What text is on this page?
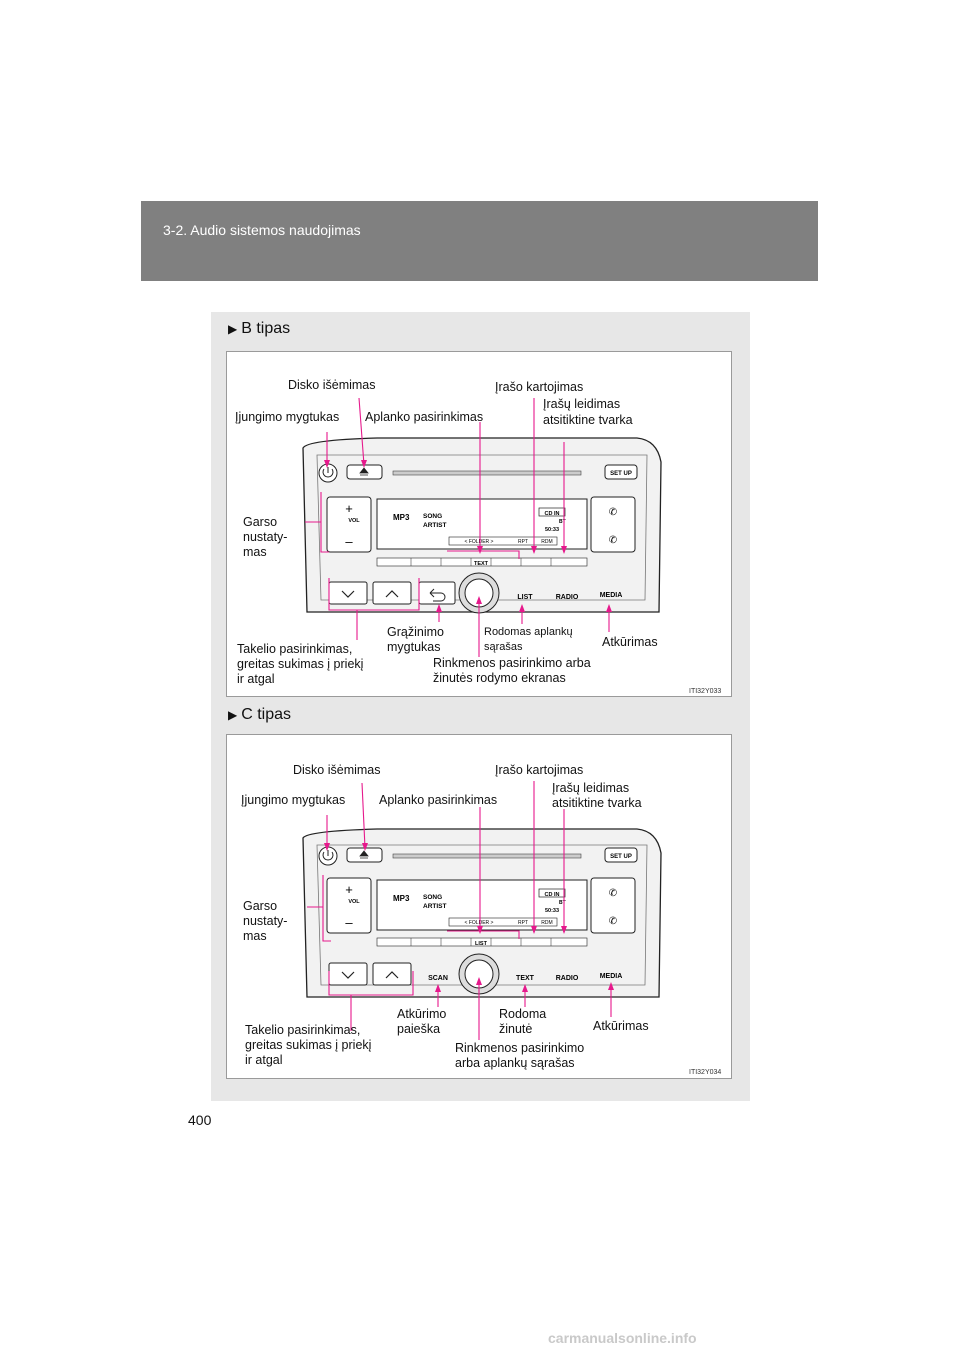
3-2. Audio sistemos naudojimas
▶ B tipas
SET UP
+
VOL
–
MP3 SONG
ARTIST
CD IN
BT
50:33
< FOLDER >	RPT	RDM
✆
✆
TEXT
LIST	RADIO	MEDIA
Disko išėmimas	Įrašo kartojimas
Įrašų leidimas
atsitiktine tvarka
Įjungimo mygtukas Aplanko pasirinkimas
Garso
nustaty-
mas
Takelio pasirinkimas,
greitas sukimas į priekį
ir atgal
Grąžinimo
mygtukas
Rodomas aplankų
sąrašas	Atkūrimas
Rinkmenos pasirinkimo arba
žinutės rodymo ekranas
ITI32Y033
▶ C tipas
SET UP
+
VOL
–
MP3 SONG
ARTIST
CD IN
BT
50:33
< FOLDER >	RPT	RDM
✆
✆
LIST
SCAN	TEXT	RADIO	MEDIA
Disko išėmimas	Įrašo kartojimas
Įrašų leidimas
atsitiktine tvarka
Įjungimo mygtukas	Aplanko pasirinkimas
Garso
nustaty-
mas
Takelio pasirinkimas,
greitas sukimas į priekį
ir atgal
Atkūrimo
paieška
Rodoma
žinutė	Atkūrimas
Rinkmenos pasirinkimo
arba aplankų sąrašas
ITI32Y034
400
carmanualsonline.info
